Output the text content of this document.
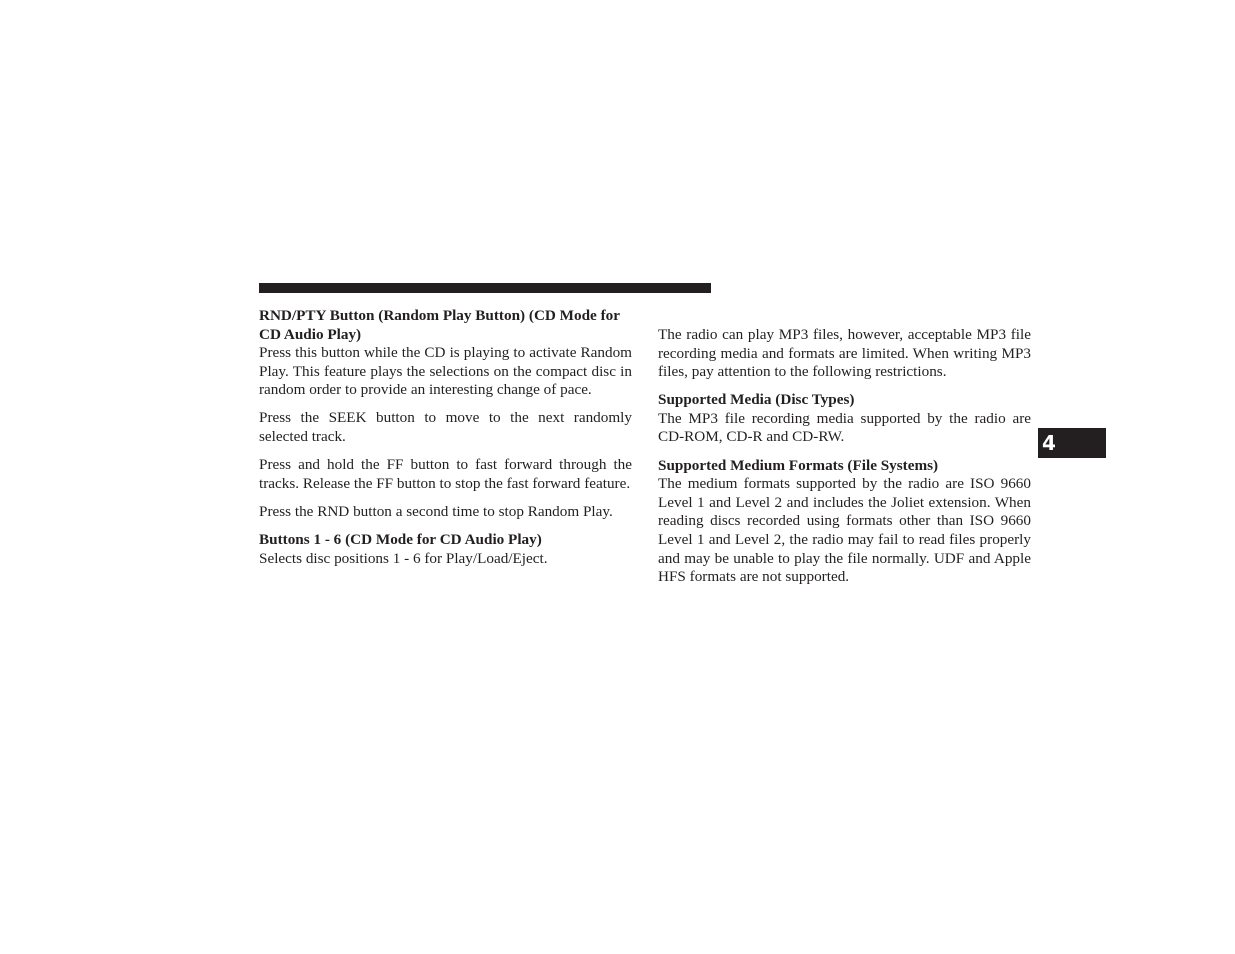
RND/PTY Button (Random Play Button) (CD Mode for CD Audio Play)

Press this button while the CD is playing to activate Random Play. This feature plays the selections on the compact disc in random order to provide an interesting change of pace.

Press the SEEK button to move to the next randomly selected track.

Press and hold the FF button to fast forward through the tracks. Release the FF button to stop the fast forward feature.

Press the RND button a second time to stop Random Play.

Buttons 1 - 6 (CD Mode for CD Audio Play)

Selects disc positions 1 - 6 for Play/Load/Eject.

The radio can play MP3 files, however, acceptable MP3 file recording media and formats are limited. When writing MP3 files, pay attention to the following restrictions.

Supported Media (Disc Types)

The MP3 file recording media supported by the radio are CD-ROM, CD-R and CD-RW.

Supported Medium Formats (File Systems)

The medium formats supported by the radio are ISO 9660 Level 1 and Level 2 and includes the Joliet extension. When reading discs recorded using formats other than ISO 9660 Level 1 and Level 2, the radio may fail to read files properly and may be unable to play the file normally. UDF and Apple HFS formats are not supported.

4
